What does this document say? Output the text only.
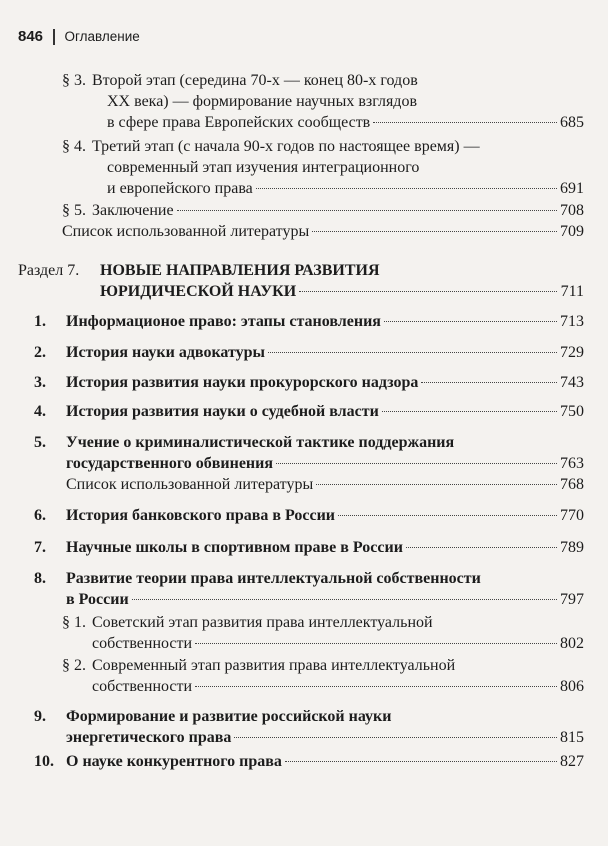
846 Оглавление
§ 3. Второй этап (середина 70-х — конец 80-х годов
XX века) — формирование научных взглядов
в сфере права Европейских сообществ	685
§ 4. Третий этап (с начала 90-х годов по настоящее время) —
современный этап изучения интеграционного
и европейского права	691
§ 5. Заключение	708
Список использованной литературы	709
Раздел 7. НОВЫЕ НАПРАВЛЕНИЯ РАЗВИТИЯ
ЮРИДИЧЕСКОЙ НАУКИ	711
1. Информационое право: этапы становления	713
2. История науки адвокатуры	729
3. История развития науки прокурорского надзора	743
4. История развития науки о судебной власти	750
5. Учение о криминалистической тактике поддержания
государственного обвинения	763
Список использованной литературы	768
6. История банковского права в России	770
7. Научные школы в спортивном праве в России	789
8. Развитие теории права интеллектуальной собственности
в России	797
§ 1. Советский этап развития права интеллектуальной
собственности	802
§ 2. Современный этап развития права интеллектуальной
собственности	806
9. Формирование и развитие российской науки
энергетического права	815
10. О науке конкурентного права	827
